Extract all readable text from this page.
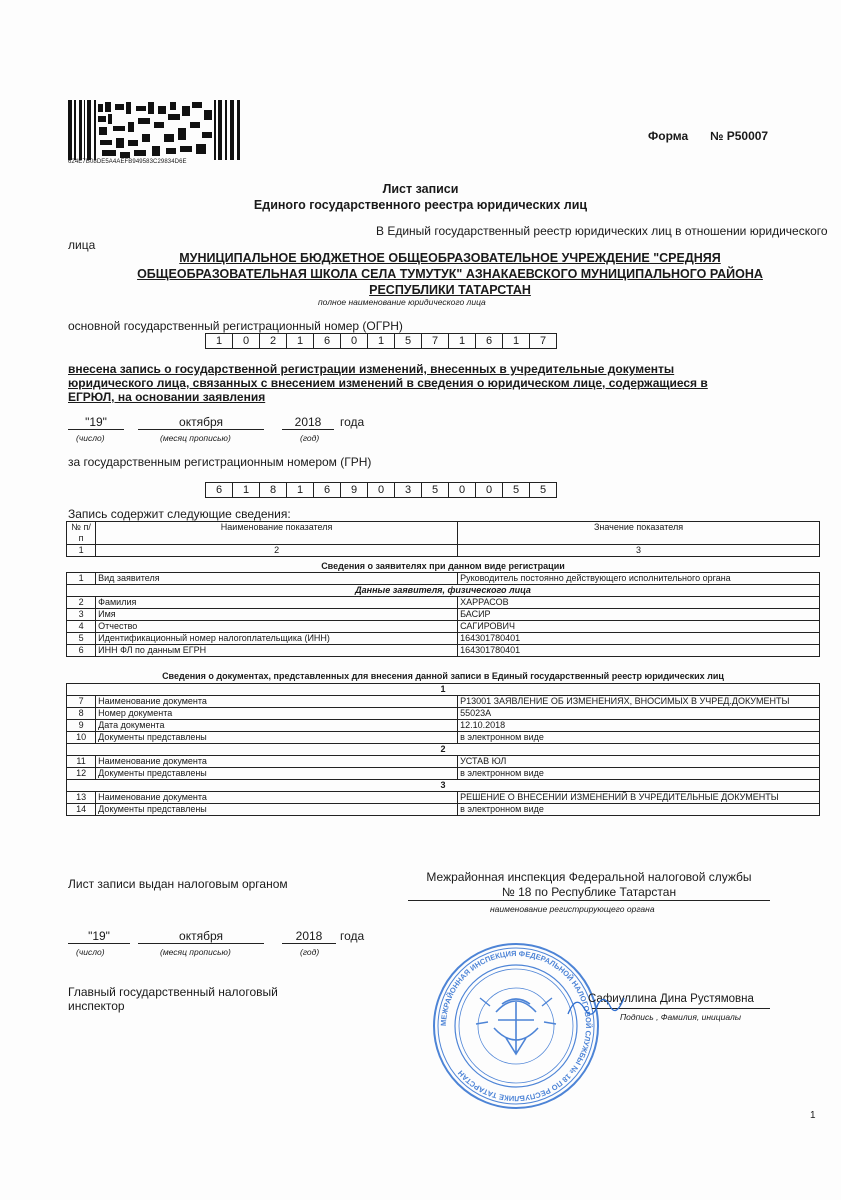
624E7B08DE5A4AEFB949583C29834D6E
Форма № Р50007
Лист записи
Единого государственного реестра юридических лиц
В Единый государственный реестр юридических лиц в отношении юридического
лица
МУНИЦИПАЛЬНОЕ БЮДЖЕТНОЕ ОБЩЕОБРАЗОВАТЕЛЬНОЕ УЧРЕЖДЕНИЕ "СРЕДНЯЯ
ОБЩЕОБРАЗОВАТЕЛЬНАЯ ШКОЛА СЕЛА ТУМУТУК" АЗНАКАЕВСКОГО МУНИЦИПАЛЬНОГО РАЙОНА
РЕСПУБЛИКИ ТАТАРСТАН
полное наименование юридического лица
основной государственный регистрационный номер (ОГРН)
1	0	2	1	6	0	1	5	7	1	6	1	7
внесена запись о государственной регистрации изменений, внесенных в учредительные документы
юридического лица, связанных с внесением изменений в сведения о юридическом лице, содержащиеся в
ЕГРЮЛ, на основании заявления
"19"	октября	2018	года
(число)	(месяц прописью)	(год)
за государственным регистрационным номером (ГРН)
6	1	8	1	6	9	0	3	5	0	0	5	5
Запись содержит следующие сведения:
№ п/п	Наименование показателя	Значение показателя
1	2	3
Сведения о заявителях при данном виде регистрации
1	Вид заявителя	Руководитель постоянно действующего исполнительного органа
Данные заявителя, физического лица		
2	Фамилия	ХАРРАСОВ
3	Имя	БАСИР
4	Отчество	САГИРОВИЧ
5	Идентификационный номер налогоплательщика (ИНН)	164301780401
6	ИНН ФЛ по данным ЕГРН	164301780401
Сведения о документах, представленных для внесения данной записи в Единый государственный реестр юридических лиц
1		
7	Наименование документа	Р13001 ЗАЯВЛЕНИЕ ОБ ИЗМЕНЕНИЯХ, ВНОСИМЫХ В УЧРЕД.ДОКУМЕНТЫ
8	Номер документа	55023А
9	Дата документа	12.10.2018
10	Документы представлены	в электронном виде
2		
11	Наименование документа	УСТАВ ЮЛ
12	Документы представлены	в электронном виде
3		
13	Наименование документа	РЕШЕНИЕ О ВНЕСЕНИИ ИЗМЕНЕНИЙ В УЧРЕДИТЕЛЬНЫЕ ДОКУМЕНТЫ
14	Документы представлены	в электронном виде
Лист записи выдан налоговым органом	Межрайонная инспекция Федеральной налоговой службы
№ 18 по Республике Татарстан
наименование регистрирующего органа
"19"	октября	2018	года
(число)	(месяц прописью)	(год)
Главный государственный налоговый
инспектор
МЕЖРАЙОННАЯ ИНСПЕКЦИЯ ФЕДЕРАЛЬНОЙ НАЛОГОВОЙ СЛУЖБЫ № 18 ПО РЕСПУБЛИКЕ ТАТАРСТАН
Сафиуллина Дина Рустямовна
Подпись , Фамилия, инициалы
1
